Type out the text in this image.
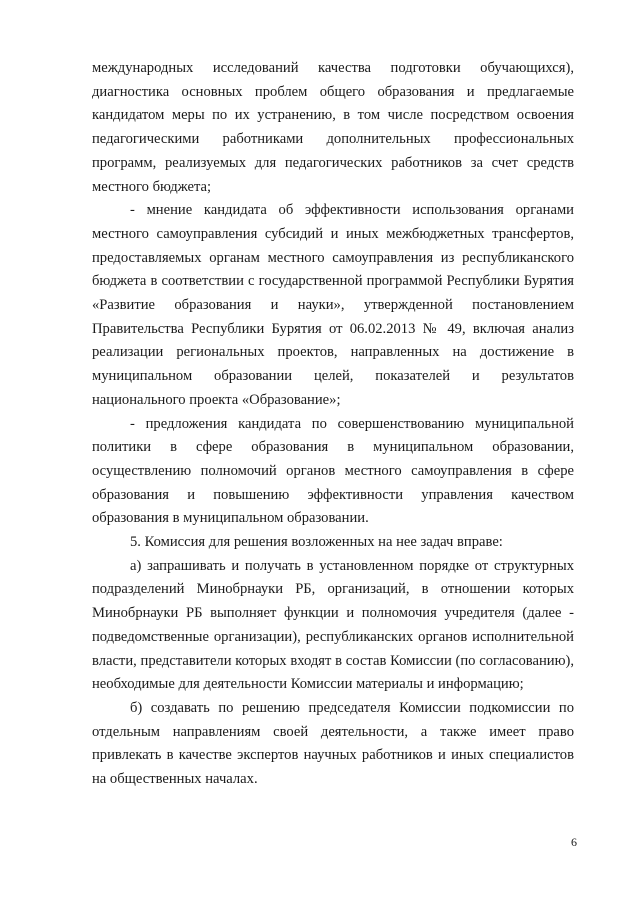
международных исследований качества подготовки обучающихся), диагностика основных проблем общего образования и предлагаемые кандидатом меры по их устранению, в том числе посредством освоения педагогическими работниками дополнительных профессиональных программ, реализуемых для педагогических работников за счет средств местного бюджета;

- мнение кандидата об эффективности использования органами местного самоуправления субсидий и иных межбюджетных трансфертов, предоставляемых органам местного самоуправления из республиканского бюджета в соответствии с государственной программой Республики Бурятия «Развитие образования и науки», утвержденной постановлением Правительства Республики Бурятия от 06.02.2013 № 49, включая анализ реализации региональных проектов, направленных на достижение в муниципальном образовании целей, показателей и результатов национального проекта «Образование»;

- предложения кандидата по совершенствованию муниципальной политики в сфере образования в муниципальном образовании, осуществлению полномочий органов местного самоуправления в сфере образования и повышению эффективности управления качеством образования в муниципальном образовании.

5. Комиссия для решения возложенных на нее задач вправе:

а) запрашивать и получать в установленном порядке от структурных подразделений Минобрнауки РБ, организаций, в отношении которых Минобрнауки РБ выполняет функции и полномочия учредителя (далее - подведомственные организации), республиканских органов исполнительной власти, представители которых входят в состав Комиссии (по согласованию), необходимые для деятельности Комиссии материалы и информацию;

б) создавать по решению председателя Комиссии подкомиссии по отдельным направлениям своей деятельности, а также имеет право привлекать в качестве экспертов научных работников и иных специалистов на общественных началах.

6
